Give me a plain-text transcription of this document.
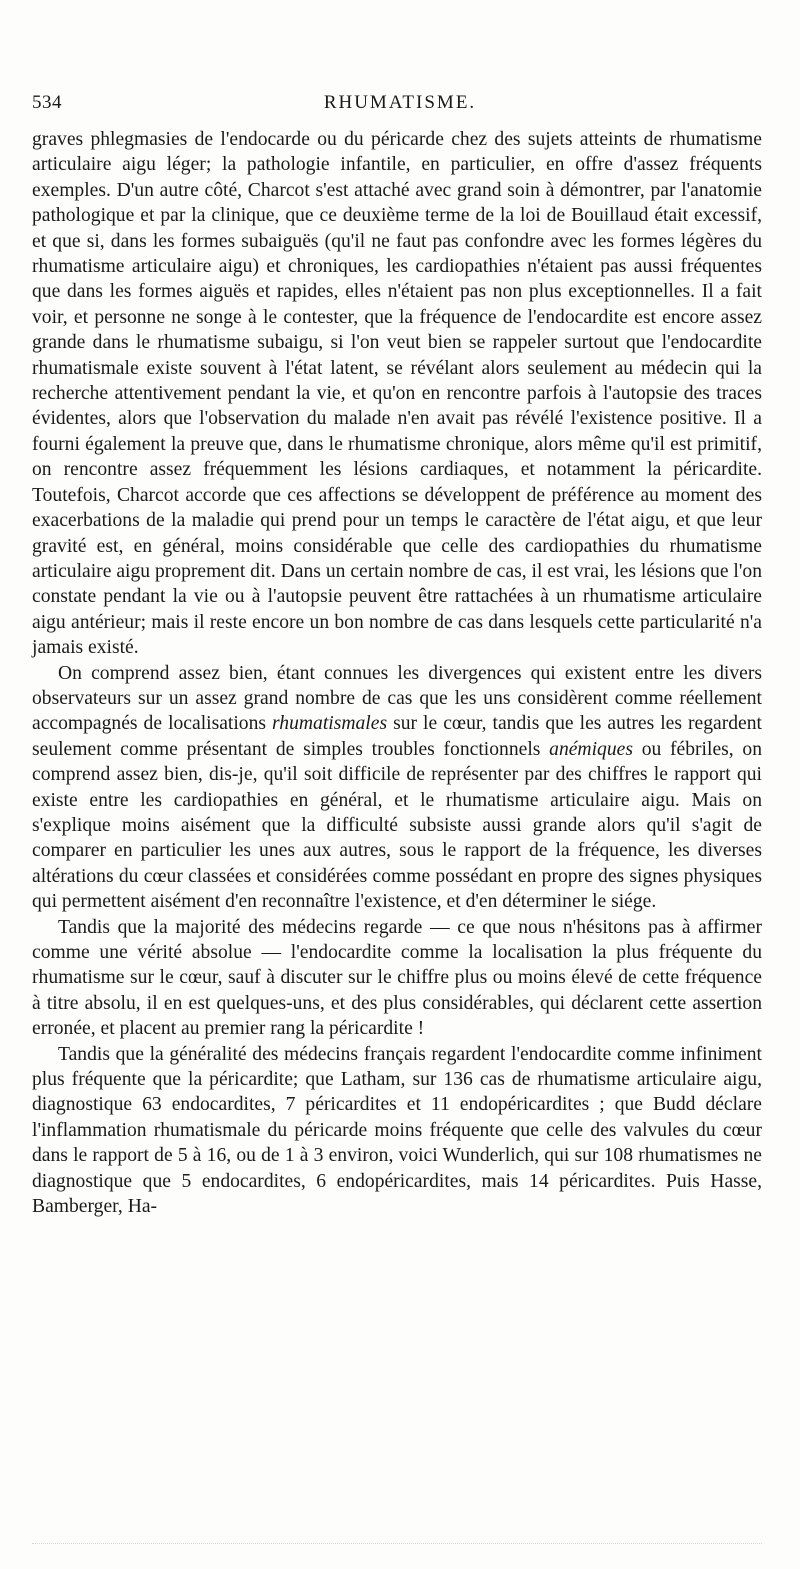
534	RHUMATISME.

graves phlegmasies de l'endocarde ou du péricarde chez des sujets atteints de rhumatisme articulaire aigu léger; la pathologie infantile, en particulier, en offre d'assez fréquents exemples. D'un autre côté, Charcot s'est attaché avec grand soin à démontrer, par l'anatomie pathologique et par la clinique, que ce deuxième terme de la loi de Bouillaud était excessif, et que si, dans les formes subaiguës (qu'il ne faut pas confondre avec les formes légères du rhumatisme articulaire aigu) et chroniques, les cardiopathies n'étaient pas aussi fréquentes que dans les formes aiguës et rapides, elles n'étaient pas non plus exceptionnelles. Il a fait voir, et personne ne songe à le contester, que la fréquence de l'endocardite est encore assez grande dans le rhumatisme subaigu, si l'on veut bien se rappeler surtout que l'endocardite rhumatismale existe souvent à l'état latent, se révélant alors seulement au médecin qui la recherche attentivement pendant la vie, et qu'on en rencontre parfois à l'autopsie des traces évidentes, alors que l'observation du malade n'en avait pas révélé l'existence positive. Il a fourni également la preuve que, dans le rhumatisme chronique, alors même qu'il est primitif, on rencontre assez fréquemment les lésions cardiaques, et notamment la péricardite. Toutefois, Charcot accorde que ces affections se développent de préférence au moment des exacerbations de la maladie qui prend pour un temps le caractère de l'état aigu, et que leur gravité est, en général, moins considérable que celle des cardiopathies du rhumatisme articulaire aigu proprement dit. Dans un certain nombre de cas, il est vrai, les lésions que l'on constate pendant la vie ou à l'autopsie peuvent être rattachées à un rhumatisme articulaire aigu antérieur; mais il reste encore un bon nombre de cas dans lesquels cette particularité n'a jamais existé.

On comprend assez bien, étant connues les divergences qui existent entre les divers observateurs sur un assez grand nombre de cas que les uns considèrent comme réellement accompagnés de localisations rhumatismales sur le cœur, tandis que les autres les regardent seulement comme présentant de simples troubles fonctionnels anémiques ou fébriles, on comprend assez bien, dis-je, qu'il soit difficile de représenter par des chiffres le rapport qui existe entre les cardiopathies en général, et le rhumatisme articulaire aigu. Mais on s'explique moins aisément que la difficulté subsiste aussi grande alors qu'il s'agit de comparer en particulier les unes aux autres, sous le rapport de la fréquence, les diverses altérations du cœur classées et considérées comme possédant en propre des signes physiques qui permettent aisément d'en reconnaître l'existence, et d'en déterminer le siége.

Tandis que la majorité des médecins regarde — ce que nous n'hésitons pas à affirmer comme une vérité absolue — l'endocardite comme la localisation la plus fréquente du rhumatisme sur le cœur, sauf à discuter sur le chiffre plus ou moins élevé de cette fréquence à titre absolu, il en est quelques-uns, et des plus considérables, qui déclarent cette assertion erronée, et placent au premier rang la péricardite !

Tandis que la généralité des médecins français regardent l'endocardite comme infiniment plus fréquente que la péricardite; que Latham, sur 136 cas de rhumatisme articulaire aigu, diagnostique 63 endocardites, 7 péricardites et 11 endopéricardites ; que Budd déclare l'inflammation rhumatismale du péricarde moins fréquente que celle des valvules du cœur dans le rapport de 5 à 16, ou de 1 à 3 environ, voici Wunderlich, qui sur 108 rhumatismes ne diagnostique que 5 endocardites, 6 endopéricardites, mais 14 péricardites. Puis Hasse, Bamberger, Ha-
